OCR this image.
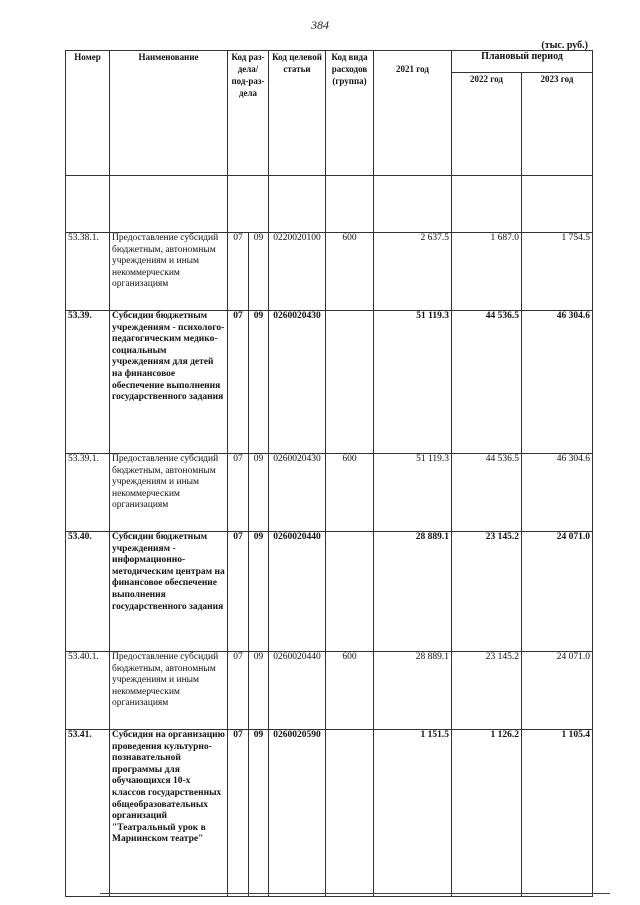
384
(тыс. руб.)
Номер	Наименование	Код раз-дела/ под-раз-дела		Код целевой статьи	Код вида расходов (группа)	2021 год	Плановый период	
							2022 год	2023 год

53.38.1.	Предоставление субсидий бюджетным, автономным учреждениям и иным некоммерческим организациям	07	09	0220020100	600	2 637.5	1 687.0	1 754.5
53.39.	Субсидии бюджетным учреждениям - психолого-педагогическим медико-социальным учреждениям для детей на финансовое обеспечение выполнения государственного задания	07	09	0260020430		51 119.3	44 536.5	46 304.6
53.39.1.	Предоставление субсидий бюджетным, автономным учреждениям и иным некоммерческим организациям	07	09	0260020430	600	51 119.3	44 536.5	46 304.6
53.40.	Субсидии бюджетным учреждениям - информационно-методическим центрам на финансовое обеспечение выполнения государственного задания	07	09	0260020440		28 889.1	23 145.2	24 071.0
53.40.1.	Предоставление субсидий бюджетным, автономным учреждениям и иным некоммерческим организациям	07	09	0260020440	600	28 889.1	23 145.2	24 071.0
53.41.	Субсидия на организацию проведения культурно-познавательной программы для обучающихся 10-х классов государственных общеобразовательных организаций "Театральный урок в Мариинском театре"	07	09	0260020590		1 151.5	1 126.2	1 105.4
